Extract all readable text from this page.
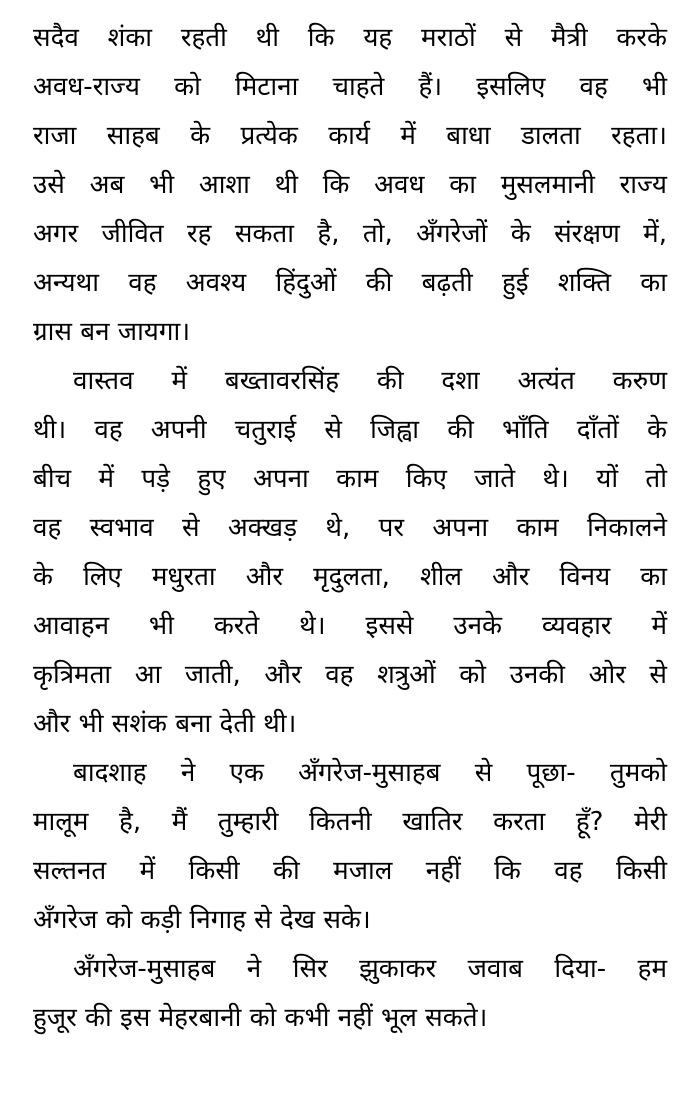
सदैव शंका रहती थी कि यह मराठों से मैत्री करके
अवध-राज्य को मिटाना चाहते हैं। इसलिए वह भी
राजा साहब के प्रत्येक कार्य में बाधा डालता रहता।
उसे अब भी आशा थी कि अवध का मुसलमानी राज्य
अगर जीवित रह सकता है, तो, अँगरेजों के संरक्षण में,
अन्यथा वह अवश्य हिंदुओं की बढ़ती हुई शक्ति का
ग्रास बन जायगा।
वास्तव में बख्तावरसिंह की दशा अत्यंत करुण
थी। वह अपनी चतुराई से जिह्वा की भाँति दाँतों के
बीच में पड़े हुए अपना काम किए जाते थे। यों तो
वह स्वभाव से अक्खड़ थे, पर अपना काम निकालने
के लिए मधुरता और मृदुलता, शील और विनय का
आवाहन भी करते थे। इससे उनके व्यवहार में
कृत्रिमता आ जाती, और वह शत्रुओं को उनकी ओर से
और भी सशंक बना देती थी।
बादशाह ने एक अँगरेज-मुसाहब से पूछा- तुमको
मालूम है, मैं तुम्हारी कितनी खातिर करता हूँ? मेरी
सल्तनत में किसी की मजाल नहीं कि वह किसी
अँगरेज को कड़ी निगाह से देख सके।
अँगरेज-मुसाहब ने सिर झुकाकर जवाब दिया- हम
हुजूर की इस मेहरबानी को कभी नहीं भूल सकते।
